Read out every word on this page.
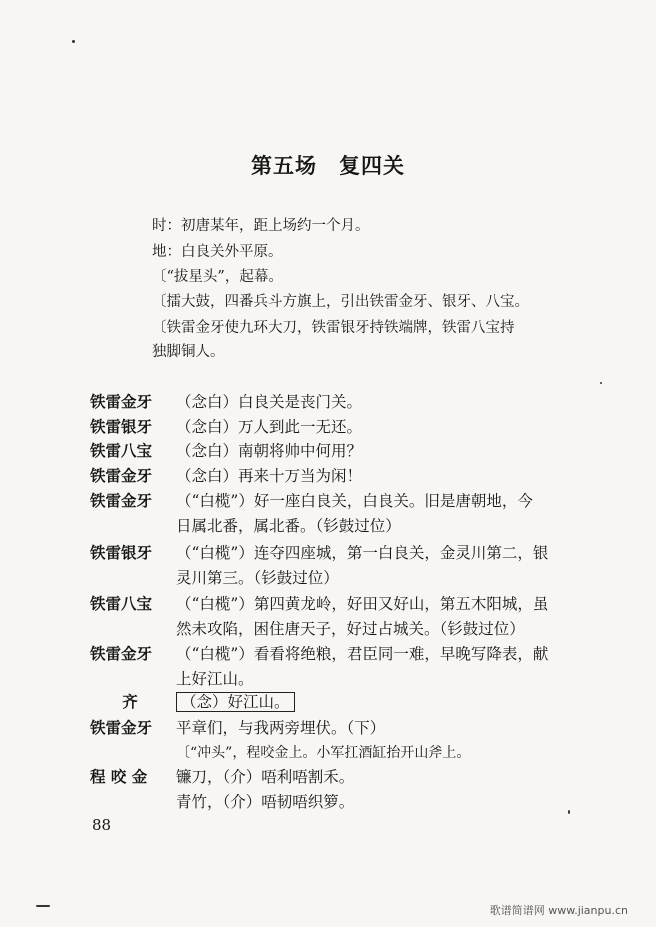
第五场　复四关
时：初唐某年，距上场约一个月。
地：白良关外平原。
〔“拔星头”，起幕。
〔擂大鼓，四番兵斗方旗上，引出铁雷金牙、银牙、八宝。
〔铁雷金牙使九环大刀，铁雷银牙持铁端牌，铁雷八宝持
独脚铜人。
铁雷金牙	（念白）白良关是丧门关。
铁雷银牙	（念白）万人到此一无还。
铁雷八宝	（念白）南朝将帅中何用？
铁雷金牙	（念白）再来十万当为闲！
铁雷金牙	（“白榄”）好一座白良关，白良关。旧是唐朝地，今
日属北番，属北番。（钐鼓过位）
铁雷银牙	（“白榄”）连夺四座城，第一白良关，金灵川第二，银
灵川第三。（钐鼓过位）
铁雷八宝	（“白榄”）第四黄龙岭，好田又好山，第五木阳城，虽
然未攻陷，困住唐天子，好过占城关。（钐鼓过位）
铁雷金牙	（“白榄”）看看将绝粮，君臣同一难，早晚写降表，献
上好江山。
齐	（念）好江山。
铁雷金牙	平章们，与我两旁埋伏。（下）
〔“冲头”，程咬金上。小军扛酒缸抬开山斧上。
程 咬 金	镰刀，（介）唔利唔割禾。
青竹，（介）唔韧唔织箩。
88
歌谱简谱网 www.jianpu.cn
